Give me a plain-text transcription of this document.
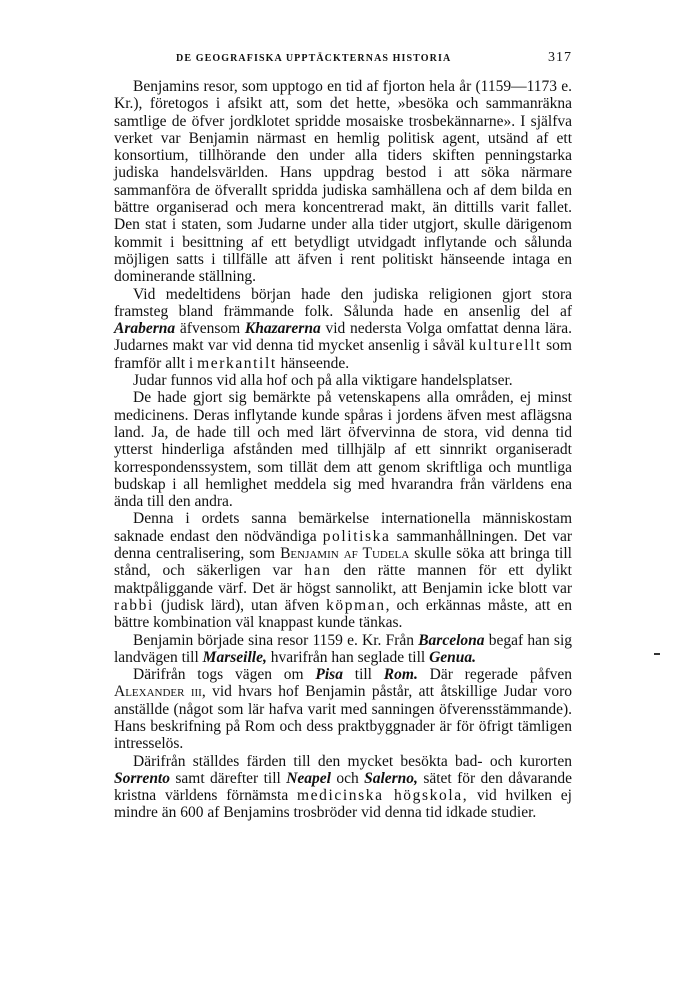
DE GEOGRAFISKA UPPTÄCKTERNAS HISTORIA	317

Benjamins resor, som upptogo en tid af fjorton hela år (1159—1173 e. Kr.), företogos i afsikt att, som det hette, »besöka och sammanräkna samtlige de öfver jordklotet spridde mosaiske trosbekännarne». I själfva verket var Benjamin närmast en hemlig politisk agent, utsänd af ett konsortium, tillhörande den under alla tiders skiften penningstarka judiska handelsvärlden. Hans uppdrag bestod i att söka närmare sammanföra de öfverallt spridda judiska samhällena och af dem bilda en bättre organiserad och mera koncentrerad makt, än dittills varit fallet. Den stat i staten, som Judarne under alla tider utgjort, skulle därigenom kommit i besittning af ett betydligt utvidgadt inflytande och sålunda möjligen satts i tillfälle att äfven i rent politiskt hänseende intaga en dominerande ställning.

Vid medeltidens början hade den judiska religionen gjort stora framsteg bland främmande folk. Sålunda hade en ansenlig del af Araberna äfvensom Khazarerna vid nedersta Volga omfattat denna lära. Judarnes makt var vid denna tid mycket ansenlig i såväl kulturellt som framför allt i merkantilt hänseende.

Judar funnos vid alla hof och på alla viktigare handelsplatser.

De hade gjort sig bemärkte på vetenskapens alla områden, ej minst medicinens. Deras inflytande kunde spåras i jordens äfven mest aflägsna land. Ja, de hade till och med lärt öfvervinna de stora, vid denna tid ytterst hinderliga afstånden med tillhjälp af ett sinnrikt organiseradt korrespondenssystem, som tillät dem att genom skriftliga och muntliga budskap i all hemlighet meddela sig med hvarandra från världens ena ända till den andra.

Denna i ordets sanna bemärkelse internationella människostam saknade endast den nödvändiga politiska sammanhållningen. Det var denna centralisering, som Benjamin af Tudela skulle söka att bringa till stånd, och säkerligen var han den rätte mannen för ett dylikt maktpåliggande värf. Det är högst sannolikt, att Benjamin icke blott var rabbi (judisk lärd), utan äfven köpman, och erkännas måste, att en bättre kombination väl knappast kunde tänkas.

Benjamin började sina resor 1159 e. Kr. Från Barcelona begaf han sig landvägen till Marseille, hvarifrån han seglade till Genua.

Därifrån togs vägen om Pisa till Rom. Där regerade påfven Alexander iii, vid hvars hof Benjamin påstår, att åtskillige Judar voro anställde (något som lär hafva varit med sanningen öfverensstämmande). Hans beskrifning på Rom och dess praktbyggnader är för öfrigt tämligen intresselös.

Därifrån ställdes färden till den mycket besökta bad- och kurorten Sorrento samt därefter till Neapel och Salerno, sätet för den dåvarande kristna världens förnämsta medicinska högskola, vid hvilken ej mindre än 600 af Benjamins trosbröder vid denna tid idkade studier.
